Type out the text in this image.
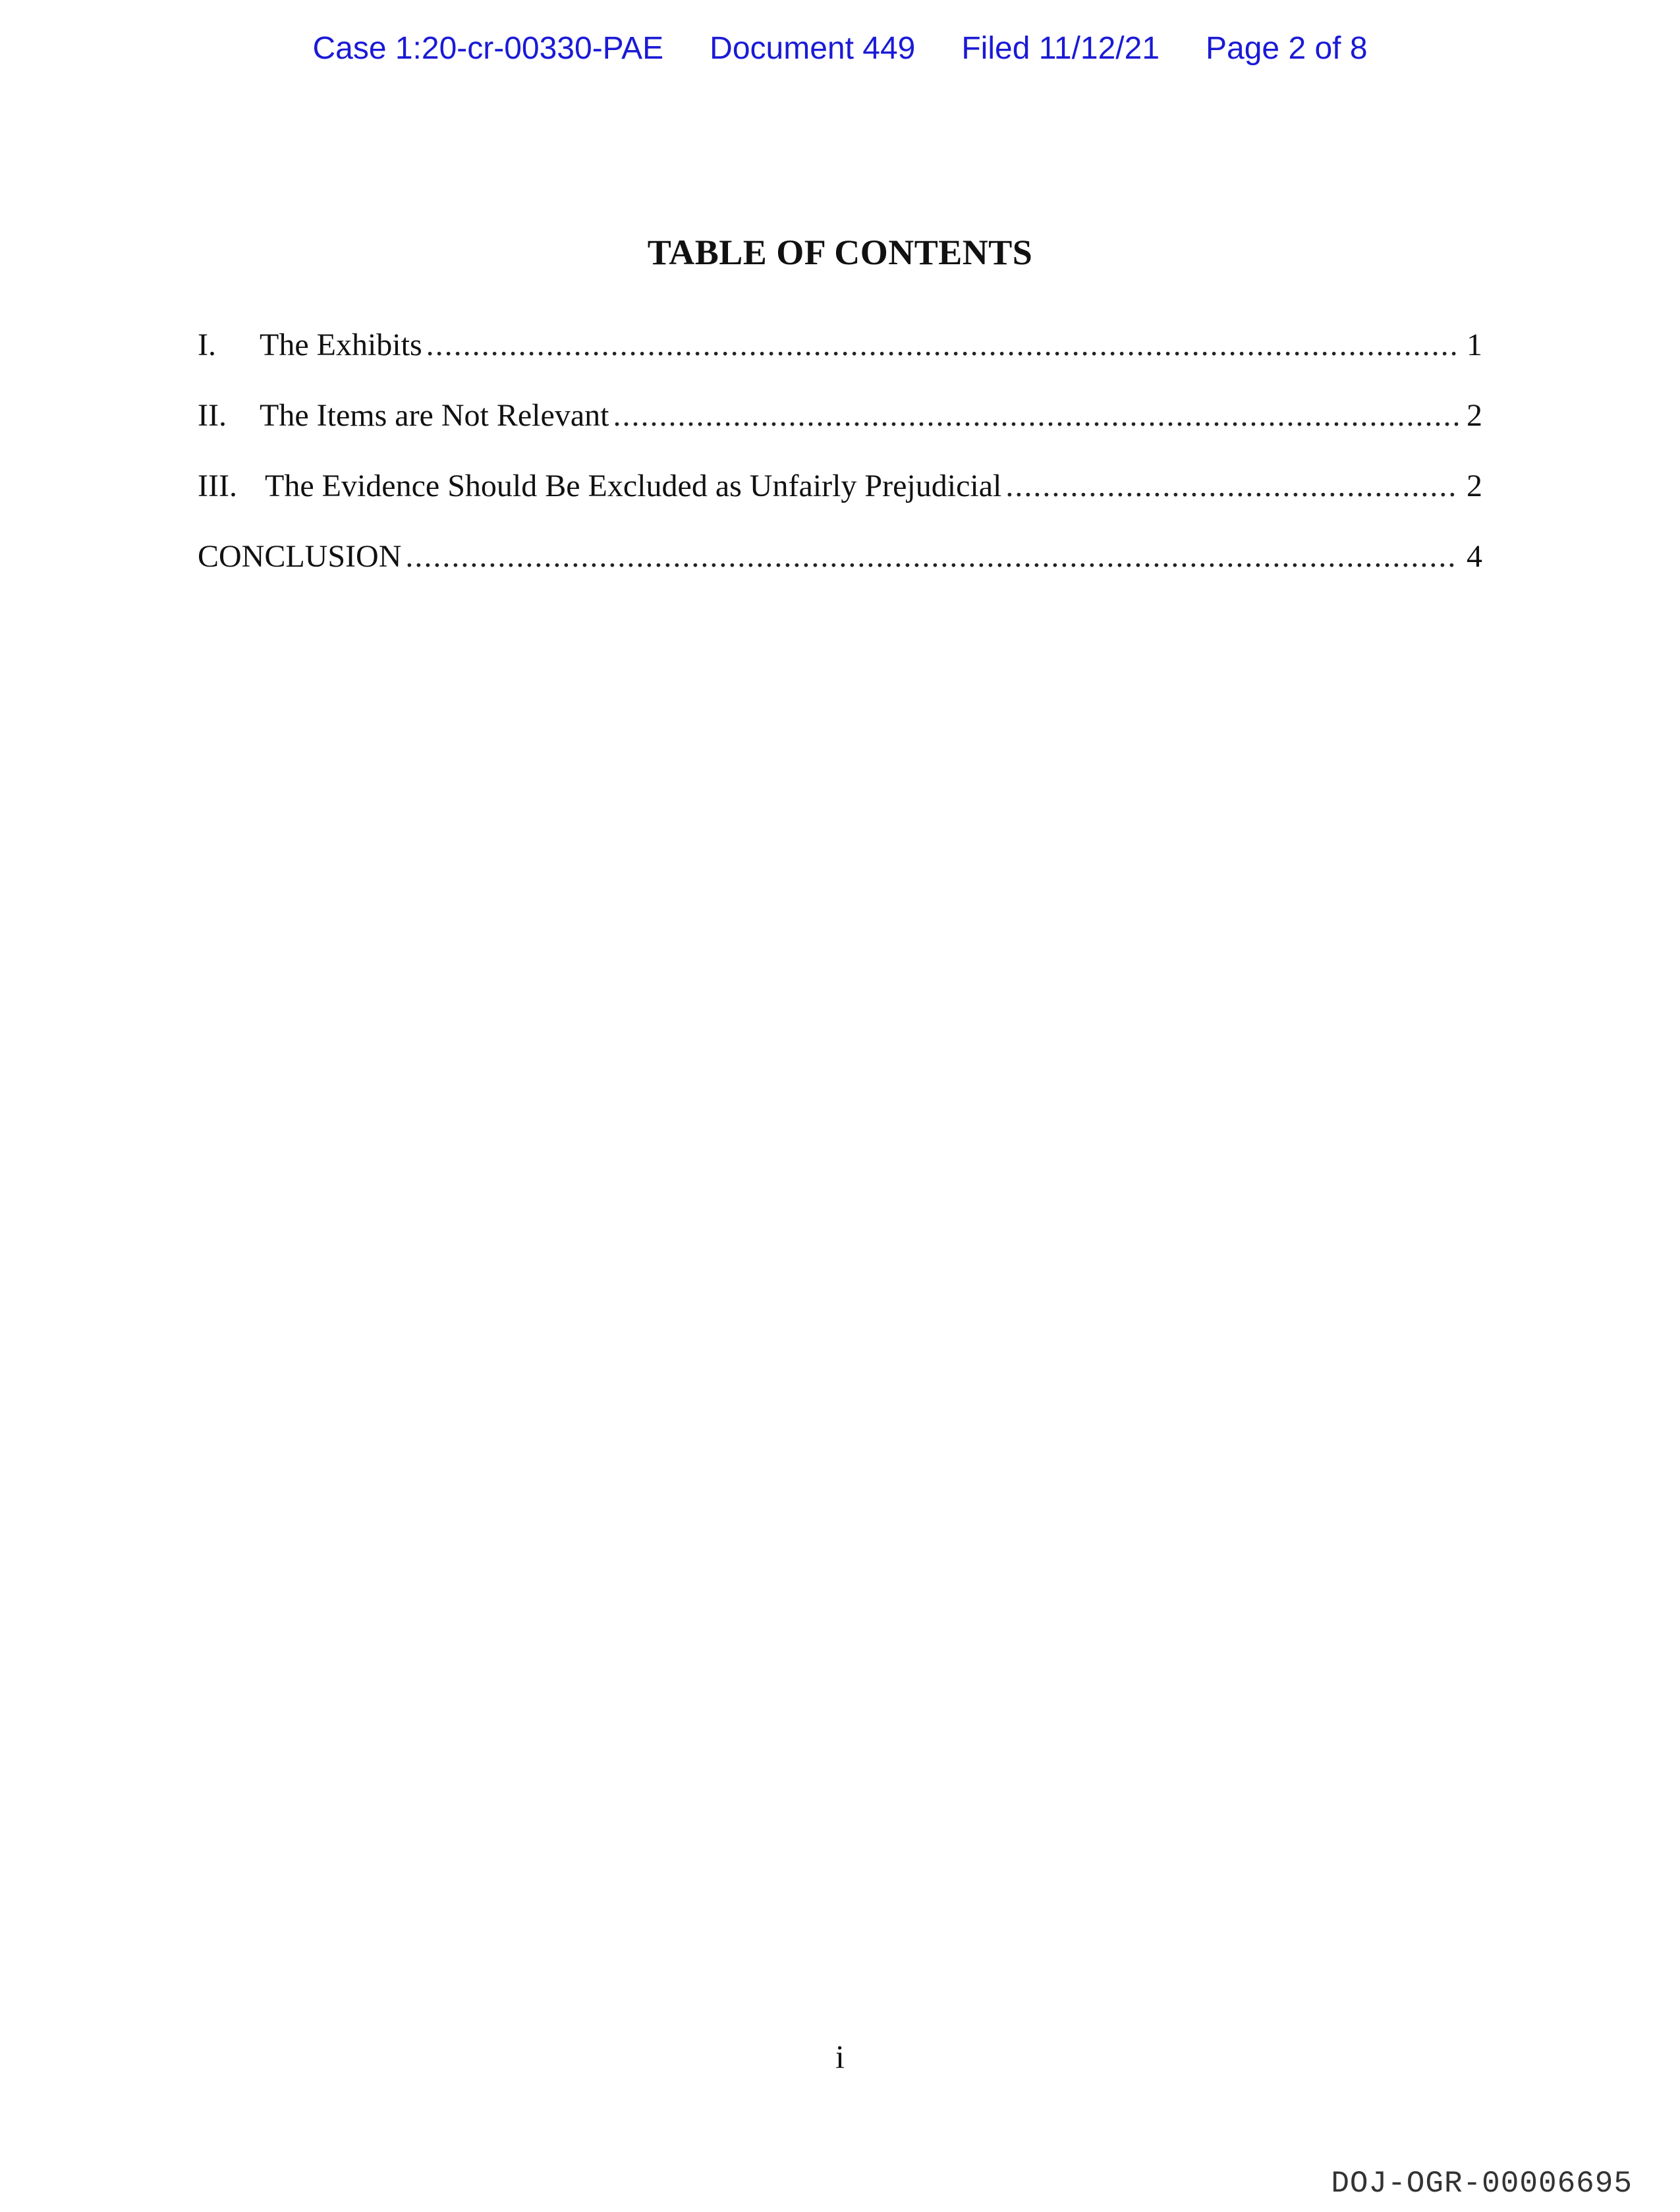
Case 1:20-cr-00330-PAE Document 449 Filed 11/12/21 Page 2 of 8
TABLE OF CONTENTS
I.	The Exhibits .....	1
II.	The Items are Not Relevant .....	2
III. The Evidence Should Be Excluded as Unfairly Prejudicial .....	2
CONCLUSION .....	4
i
DOJ-OGR-00006695
